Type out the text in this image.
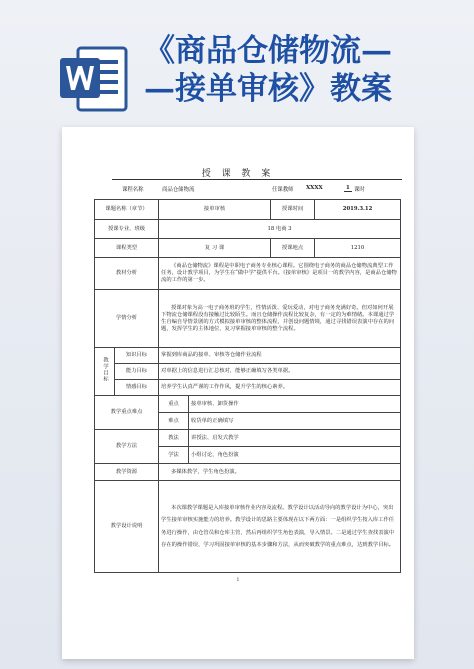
《商品仓储物流—
—接单审核》教案
授 课 教 案
课程名称	商品仓储物流	任课教师 XXXX	1 课时
课题名称（章节）		接单审核		授课时间	2019.3.12
授课专业、班级		18 电商 3			
课程类型		复 习 课		授课地点	1210
教材分析		《商品仓储物流》课程是中职电子商务专业核心课程。它围绕电子商务的商品仓储物流典型工作任务，设计教学项目，为学生在“做中学”提供平台。《接单审核》是项目一的教学内容，是商品仓储物流的工作的第一步。			
学情分析		授课对象为高一电子商务班的学生，性情活泼、爱玩爱动，对电子商务充满好奇。但对如何开展下物流仓储课程没有接触过比较陌生。而且仓储操作流程比较复杂，有一定的为难情绪。本课通过学生自编自导情景剧的方式模拟接单审核的整体流程，并创设问题情境，通过寻找错误表演中存在的问题，发挥学生的主体地位，复习掌握接单审核的整个流程。			
教学目标	知识目标	掌握到库商品的接单、审核等仓储作业流程			
	能力目标	对单据上的信息进行汇总核对，能够正确填写各类单据。			
	情感目标	培养学生认真严谨的工作作风，提升学生的核心素养。			
教学重点难点		重点	接单审核、卸货操作		
		难点	收货单的正确填写		
教学方法		教法	讲授法、启发式教学		
		学法	小组讨论，角色扮演		
教学资源		多媒体教学，学生角色扮演。			
教学设计说明		本次课教学课题是入库接单审核作业内容及流程。教学设计以活动导向的教学设计为中心，突出学生接单审核实施能力的培养。教学设计的思路主要体现在以下两方面：一是组织学生按入库工作任务进行操作，由仓管员和仓库主管，然后再组织学生角色表演，导入情景。二是通过学生查找表演中存在的操作错误，学习巩固接单审核的基本步骤和方法，从而突破教学的重点难点，达到教学目标。			
1
